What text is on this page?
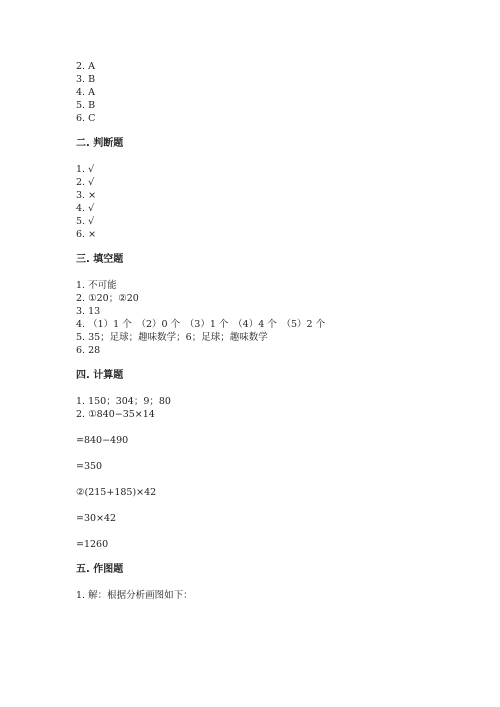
2. A
3. B
4. A
5. B
6. C
二. 判断题
1. √
2. √
3. ×
4. √
5. √
6. ×
三. 填空题
1. 不可能
2. ①20；②20
3. 13
4. （1）1 个　（2）0 个　（3）1 个　（4）4 个　（5）2 个
5. 35；足球；趣味数学；6；足球；趣味数学
6. 28
四. 计算题
1. 150；304；9；80
2. ①840−35×14
=840−490
=350
②(215+185)×42
=30×42
=1260
五. 作图题
1. 解：根据分析画图如下：
